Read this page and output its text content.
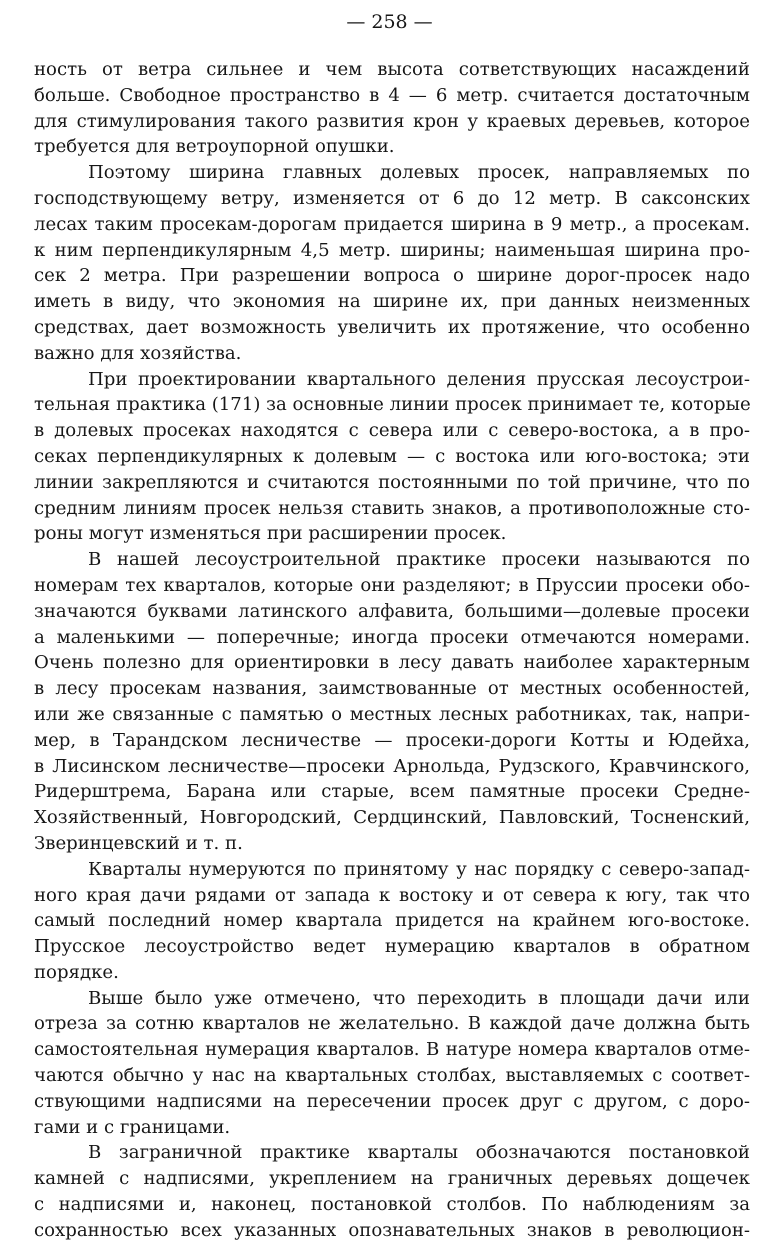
— 258 —
ность от ветра сильнее и чем высота сответствующих насаждений
больше. Свободное пространство в 4 — 6 метр. считается достаточным
для стимулирования такого развития крон у краевых деревьев, которое
требуется для ветроупорной опушки.
Поэтому ширина главных долевых просек, направляемых по
господствующему ветру, изменяется от 6 до 12 метр. В саксонских
лесах таким просекам-дорогам придается ширина в 9 метр., а просекам.
к ним перпендикулярным 4,5 метр. ширины; наименьшая ширина про-
сек 2 метра. При разрешении вопроса о ширине дорог-просек надо
иметь в виду, что экономия на ширине их, при данных неизменных
средствах, дает возможность увеличить их протяжение, что особенно
важно для хозяйства.
При проектировании квартального деления прусская лесоустрои-
тельная практика (171) за основные линии просек принимает те, которые
в долевых просеках находятся с севера или с северо-востока, а в про-
секах перпендикулярных к долевым — с востока или юго-востока; эти
линии закрепляются и считаются постоянными по той причине, что по
средним линиям просек нельзя ставить знаков, а противоположные сто-
роны могут изменяться при расширении просек.
В нашей лесоустроительной практике просеки называются по
номерам тех кварталов, которые они разделяют; в Пруссии просеки обо-
значаются буквами латинского алфавита, большими—долевые просеки
а маленькими — поперечные; иногда просеки отмечаются номерами.
Очень полезно для ориентировки в лесу давать наиболее характерным
в лесу просекам названия, заимствованные от местных особенностей,
или же связанные с памятью о местных лесных работниках, так, напри-
мер, в Тарандском лесничестве — просеки-дороги Котты и Юдейха,
в Лисинском лесничестве—просеки Арнольда, Рудзского, Кравчинского,
Ридерштрема, Барана или старые, всем памятные просеки Средне-
Хозяйственный, Новгородский, Сердцинский, Павловский, Тосненский,
Зверинцевский и т. п.
Кварталы нумеруются по принятому у нас порядку с северо-запад-
ного края дачи рядами от запада к востоку и от севера к югу, так что
самый последний номер квартала придется на крайнем юго-востоке.
Прусское лесоустройство ведет нумерацию кварталов в обратном
порядке.
Выше было уже отмечено, что переходить в площади дачи или
отреза за сотню кварталов не желательно. В каждой даче должна быть
самостоятельная нумерация кварталов. В натуре номера кварталов отме-
чаются обычно у нас на квартальных столбах, выставляемых с соответ-
ствующими надписями на пересечении просек друг с другом, с доро-
гами и с границами.
В заграничной практике кварталы обозначаются постановкой
камней с надписями, укреплением на граничных деревьях дощечек
с надписями и, наконец, постановкой столбов. По наблюдениям за
сохранностью всех указанных опознавательных знаков в революцион-
